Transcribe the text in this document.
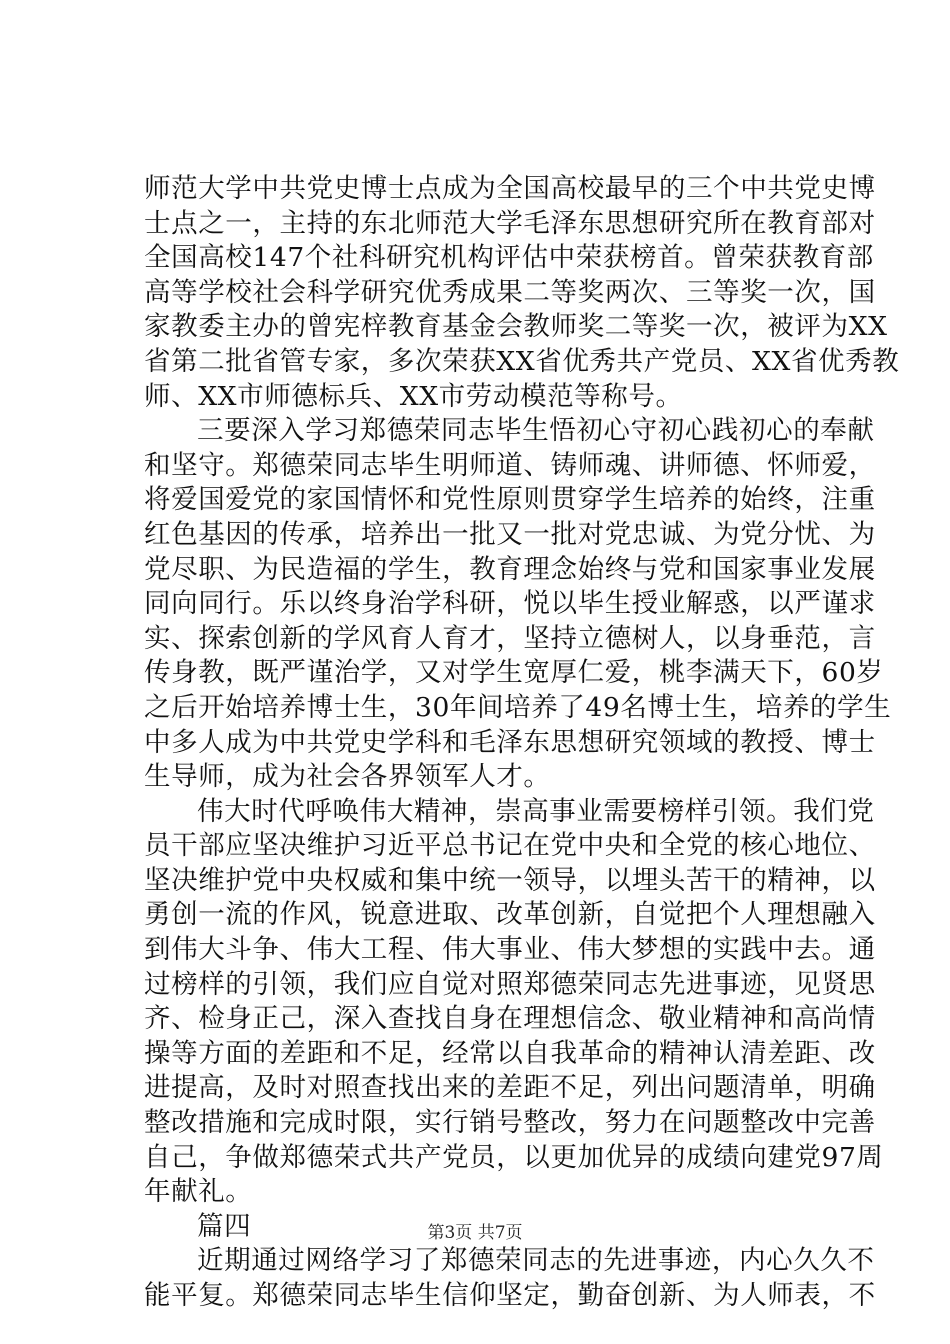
师范大学中共党史博士点成为全国高校最早的三个中共党史博
士点之一，主持的东北师范大学毛泽东思想研究所在教育部对
全国高校147个社科研究机构评估中荣获榜首。曾荣获教育部
高等学校社会科学研究优秀成果二等奖两次、三等奖一次，国
家教委主办的曾宪梓教育基金会教师奖二等奖一次，被评为XX
省第二批省管专家，多次荣获XX省优秀共产党员、XX省优秀教
师、XX市师德标兵、XX市劳动模范等称号。
三要深入学习郑德荣同志毕生悟初心守初心践初心的奉献
和坚守。郑德荣同志毕生明师道、铸师魂、讲师德、怀师爱，
将爱国爱党的家国情怀和党性原则贯穿学生培养的始终，注重
红色基因的传承，培养出一批又一批对党忠诚、为党分忧、为
党尽职、为民造福的学生，教育理念始终与党和国家事业发展
同向同行。乐以终身治学科研，悦以毕生授业解惑，以严谨求
实、探索创新的学风育人育才，坚持立德树人，以身垂范，言
传身教，既严谨治学，又对学生宽厚仁爱，桃李满天下，60岁
之后开始培养博士生，30年间培养了49名博士生，培养的学生
中多人成为中共党史学科和毛泽东思想研究领域的教授、博士
生导师，成为社会各界领军人才。
伟大时代呼唤伟大精神，崇高事业需要榜样引领。我们党
员干部应坚决维护习近平总书记在党中央和全党的核心地位、
坚决维护党中央权威和集中统一领导，以埋头苦干的精神，以
勇创一流的作风，锐意进取、改革创新，自觉把个人理想融入
到伟大斗争、伟大工程、伟大事业、伟大梦想的实践中去。通
过榜样的引领，我们应自觉对照郑德荣同志先进事迹，见贤思
齐、检身正己，深入查找自身在理想信念、敬业精神和高尚情
操等方面的差距和不足，经常以自我革命的精神认清差距、改
进提高，及时对照查找出来的差距不足，列出问题清单，明确
整改措施和完成时限，实行销号整改，努力在问题整改中完善
自己，争做郑德荣式共产党员，以更加优异的成绩向建党97周
年献礼。
篇四
近期通过网络学习了郑德荣同志的先进事迹，内心久久不
能平复。郑德荣同志毕生信仰坚定，勤奋创新、为人师表，不
第3页 共7页
